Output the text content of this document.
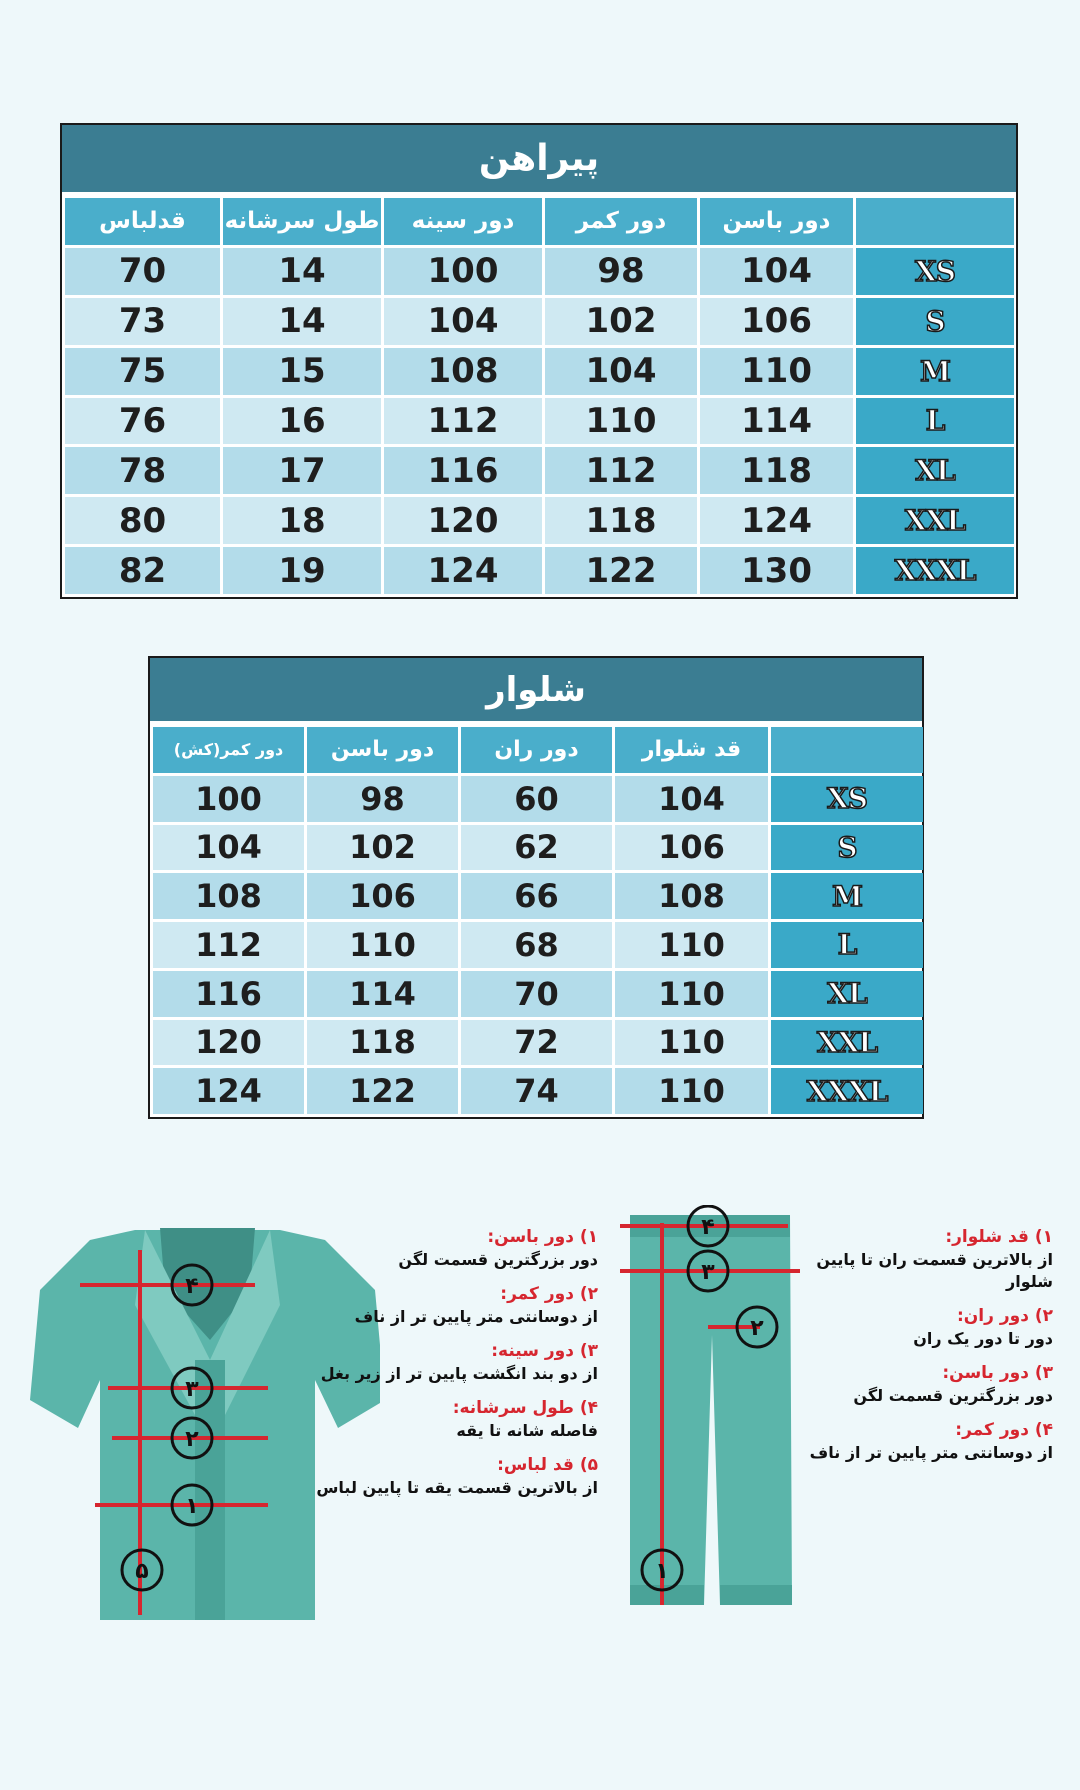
پیراهن
قدلباس	طول سرشانه	دور سینه	دور کمر	دور باسن
70	14	100	98	104	XS
73	14	104	102	106	S
75	15	108	104	110	M
76	16	112	110	114	L
78	17	116	112	118	XL
80	18	120	118	124	XXL
82	19	124	122	130	XXXL
شلوار
دور کمر(کش)	دور باسن	دور ران	قد شلوار
100	98	60	104	XS
104	102	62	106	S
108	106	66	108	M
112	110	68	110	L
116	114	70	110	XL
120	118	72	110	XXL
124	122	74	110	XXXL
۴
۳
۲
۱
۵
۱) دور باسن:
دور بزرگترین قسمت لگن
۲) دور کمر:
از دوسانتی متر پایین تر از ناف
۳) دور سینه:
از دو بند انگشت پایین تر از زیر بغل
۴) طول سرشانه:
فاصله شانه تا یقه
۵) قد لباس:
از بالاترین قسمت یقه تا پایین لباس
۴
۳
۲
۱
۱) قد شلوار:
از بالاترین قسمت ران تا پایین شلوار
۲) دور ران:
دور تا دور یک ران
۳) دور باسن:
دور بزرگترین قسمت لگن
۴) دور کمر:
از دوسانتی متر پایین تر از ناف
